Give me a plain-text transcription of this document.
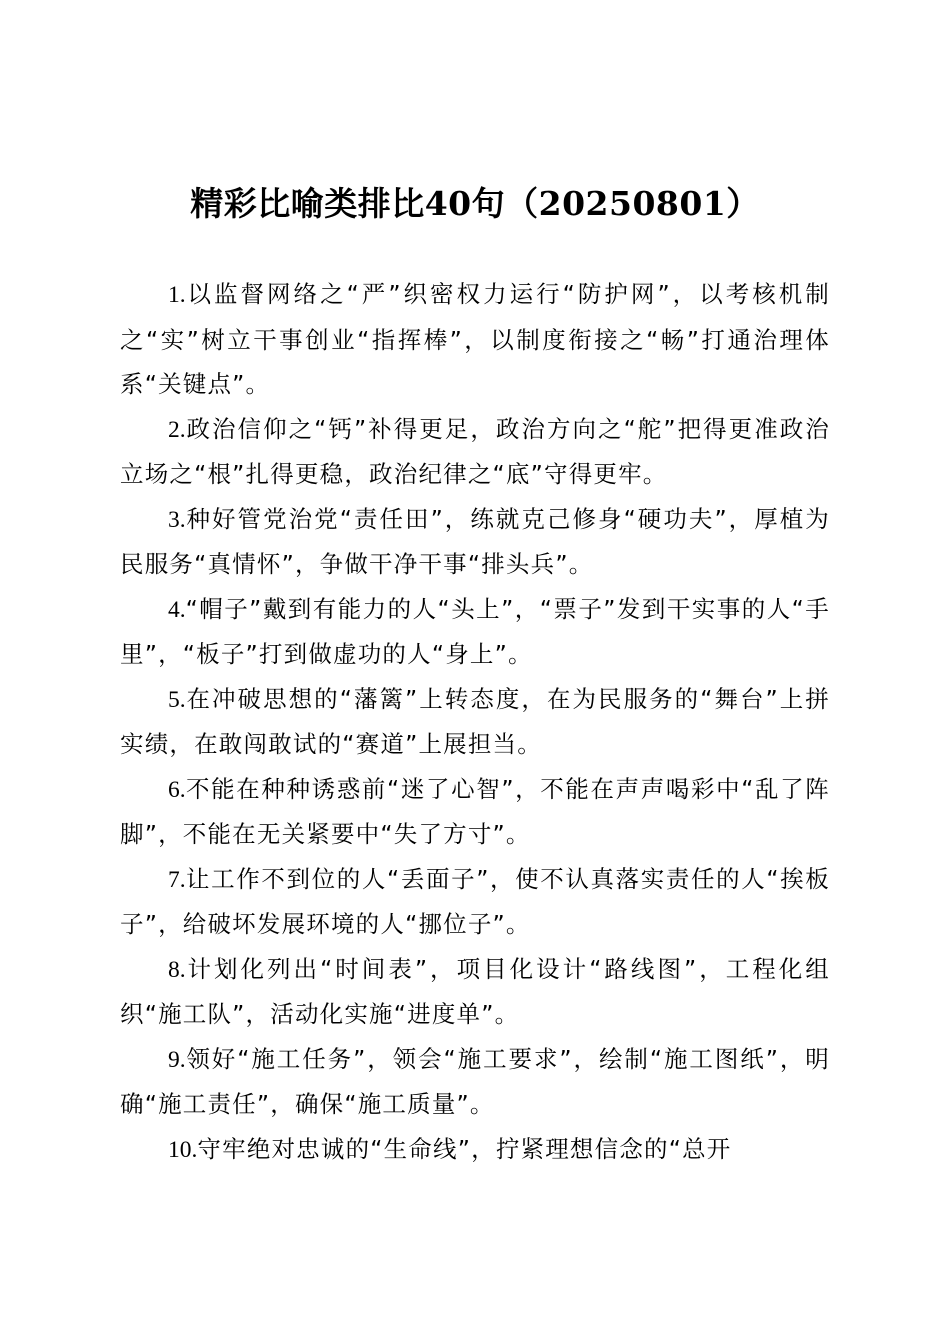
精彩比喻类排比40句（20250801）

1.以监督网络之“严”织密权力运行“防护网”，以考核机制之“实”树立干事创业“指挥棒”，以制度衔接之“畅”打通治理体系“关键点”。

2.政治信仰之“钙”补得更足，政治方向之“舵”把得更准政治立场之“根”扎得更稳，政治纪律之“底”守得更牢。

3.种好管党治党“责任田”，练就克己修身“硬功夫”，厚植为民服务“真情怀”，争做干净干事“排头兵”。

4.“帽子”戴到有能力的人“头上”，“票子”发到干实事的人“手里”，“板子”打到做虚功的人“身上”。

5.在冲破思想的“藩篱”上转态度，在为民服务的“舞台”上拼实绩，在敢闯敢试的“赛道”上展担当。

6.不能在种种诱惑前“迷了心智”，不能在声声喝彩中“乱了阵脚”，不能在无关紧要中“失了方寸”。

7.让工作不到位的人“丢面子”，使不认真落实责任的人“挨板子”，给破坏发展环境的人“挪位子”。

8.计划化列出“时间表”，项目化设计“路线图”，工程化组织“施工队”，活动化实施“进度单”。

9.领好“施工任务”，领会“施工要求”，绘制“施工图纸”，明确“施工责任”，确保“施工质量”。

10.守牢绝对忠诚的“生命线”，拧紧理想信念的“总开
